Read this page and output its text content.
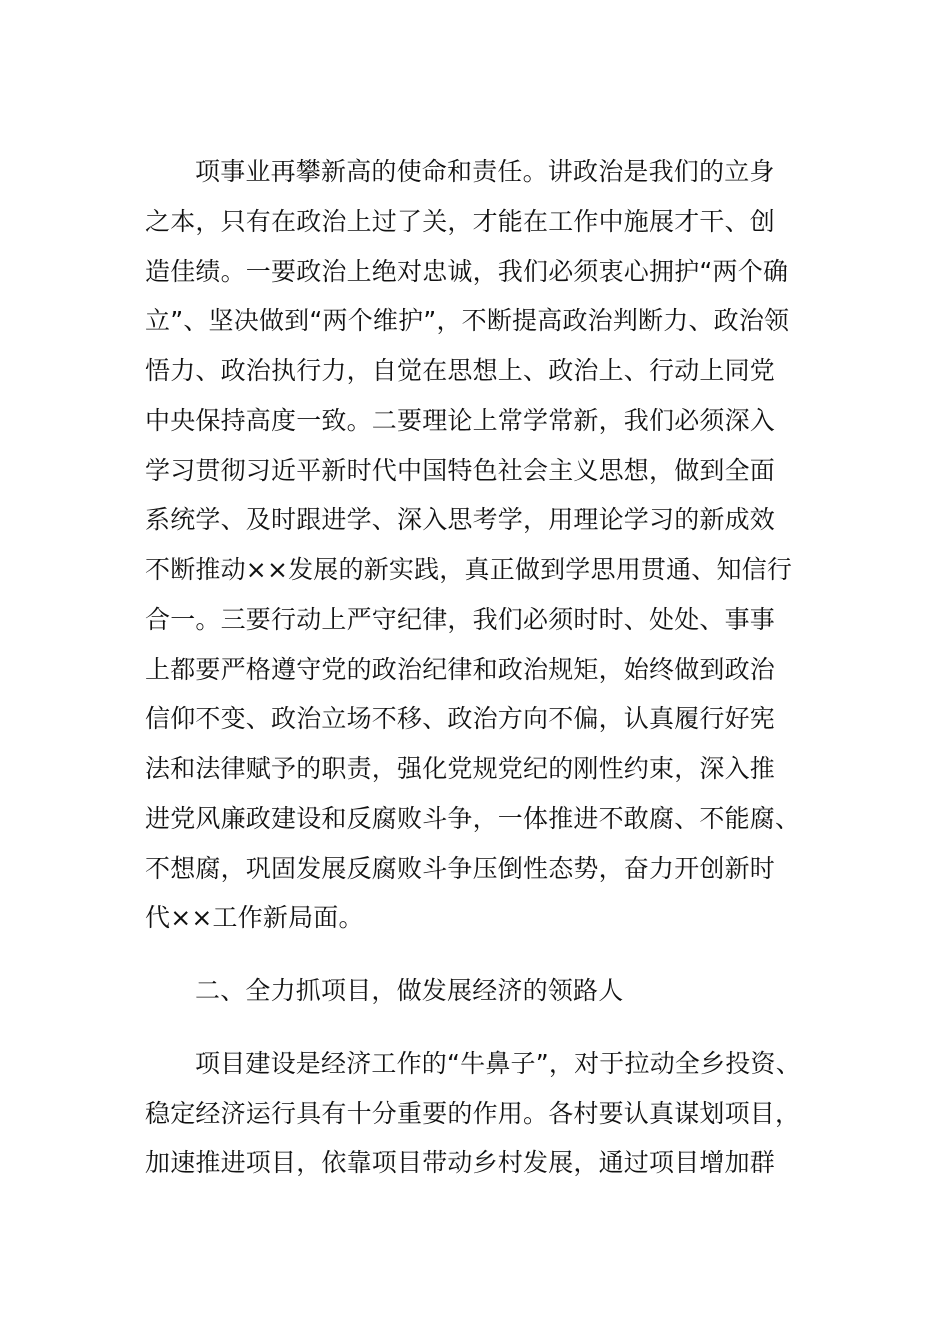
项事业再攀新高的使命和责任。讲政治是我们的立身
之本，只有在政治上过了关，才能在工作中施展才干、创
造佳绩。一要政治上绝对忠诚，我们必须衷心拥护“两个确
立”、坚决做到“两个维护”，不断提高政治判断力、政治领
悟力、政治执行力，自觉在思想上、政治上、行动上同党
中央保持高度一致。二要理论上常学常新，我们必须深入
学习贯彻习近平新时代中国特色社会主义思想，做到全面
系统学、及时跟进学、深入思考学，用理论学习的新成效
不断推动××发展的新实践，真正做到学思用贯通、知信行
合一。三要行动上严守纪律，我们必须时时、处处、事事
上都要严格遵守党的政治纪律和政治规矩，始终做到政治
信仰不变、政治立场不移、政治方向不偏，认真履行好宪
法和法律赋予的职责，强化党规党纪的刚性约束，深入推
进党风廉政建设和反腐败斗争，一体推进不敢腐、不能腐、
不想腐，巩固发展反腐败斗争压倒性态势，奋力开创新时
代××工作新局面。
二、全力抓项目，做发展经济的领路人
项目建设是经济工作的“牛鼻子”，对于拉动全乡投资、
稳定经济运行具有十分重要的作用。各村要认真谋划项目，
加速推进项目，依靠项目带动乡村发展，通过项目增加群
